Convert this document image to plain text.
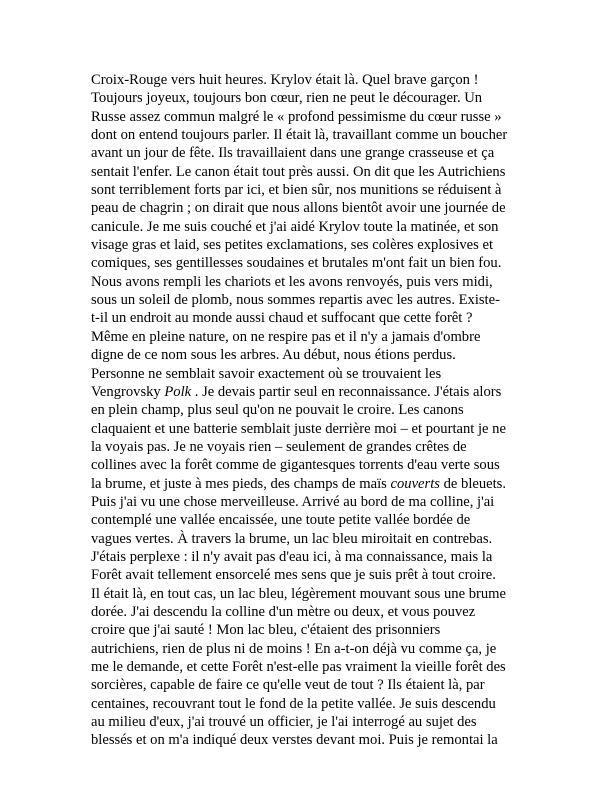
Croix-Rouge vers huit heures. Krylov était là. Quel brave garçon !
Toujours joyeux, toujours bon cœur, rien ne peut le décourager. Un
Russe assez commun malgré le « profond pessimisme du cœur russe »
dont on entend toujours parler. Il était là, travaillant comme un boucher
avant un jour de fête. Ils travaillaient dans une grange crasseuse et ça
sentait l'enfer. Le canon était tout près aussi. On dit que les Autrichiens
sont terriblement forts par ici, et bien sûr, nos munitions se réduisent à
peau de chagrin ; on dirait que nous allons bientôt avoir une journée de
canicule. Je me suis couché et j'ai aidé Krylov toute la matinée, et son
visage gras et laid, ses petites exclamations, ses colères explosives et
comiques, ses gentillesses soudaines et brutales m'ont fait un bien fou.
Nous avons rempli les chariots et les avons renvoyés, puis vers midi,
sous un soleil de plomb, nous sommes repartis avec les autres. Existe-
t-il un endroit au monde aussi chaud et suffocant que cette forêt ?
Même en pleine nature, on ne respire pas et il n'y a jamais d'ombre
digne de ce nom sous les arbres. Au début, nous étions perdus.
Personne ne semblait savoir exactement où se trouvaient les
Vengrovsky Polk . Je devais partir seul en reconnaissance. J'étais alors
en plein champ, plus seul qu'on ne pouvait le croire. Les canons
claquaient et une batterie semblait juste derrière moi – et pourtant je ne
la voyais pas. Je ne voyais rien – seulement de grandes crêtes de
collines avec la forêt comme de gigantesques torrents d'eau verte sous
la brume, et juste à mes pieds, des champs de maïs couverts de bleuets.
Puis j'ai vu une chose merveilleuse. Arrivé au bord de ma colline, j'ai
contemplé une vallée encaissée, une toute petite vallée bordée de
vagues vertes. À travers la brume, un lac bleu miroitait en contrebas.
J'étais perplexe : il n'y avait pas d'eau ici, à ma connaissance, mais la
Forêt avait tellement ensorcelé mes sens que je suis prêt à tout croire.
Il était là, en tout cas, un lac bleu, légèrement mouvant sous une brume
dorée. J'ai descendu la colline d'un mètre ou deux, et vous pouvez
croire que j'ai sauté ! Mon lac bleu, c'étaient des prisonniers
autrichiens, rien de plus ni de moins ! En a-t-on déjà vu comme ça, je
me le demande, et cette Forêt n'est-elle pas vraiment la vieille forêt des
sorcières, capable de faire ce qu'elle veut de tout ? Ils étaient là, par
centaines, recouvrant tout le fond de la petite vallée. Je suis descendu
au milieu d'eux, j'ai trouvé un officier, je l'ai interrogé au sujet des
blessés et on m'a indiqué deux verstes devant moi. Puis je remontai la
